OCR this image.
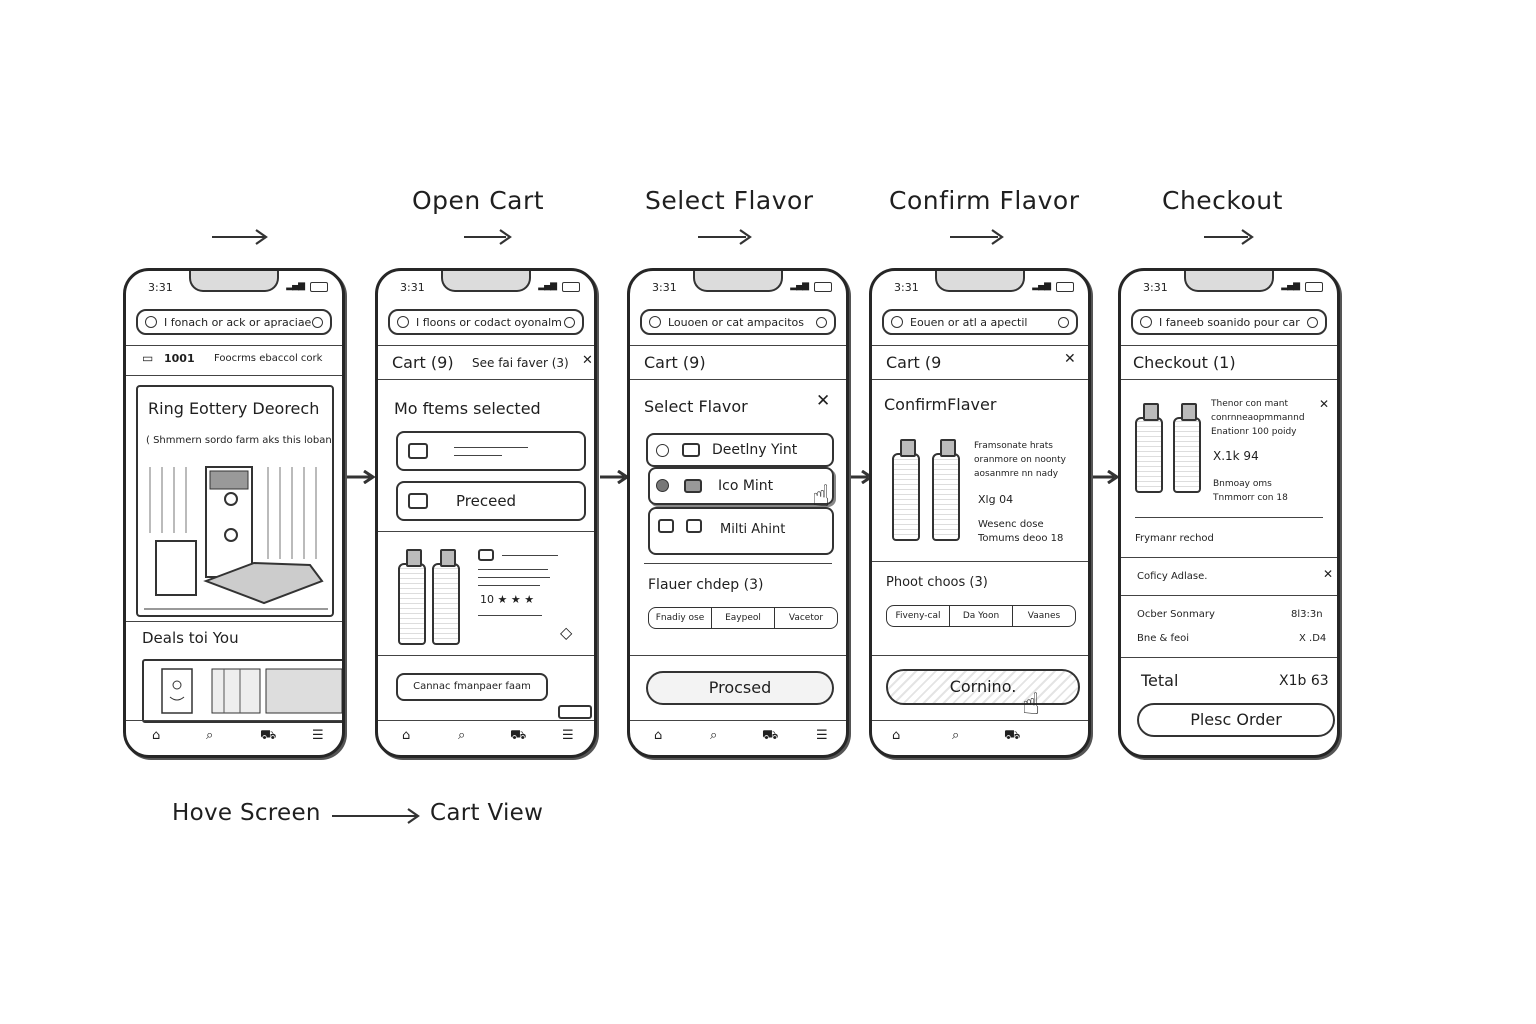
Open Cart	Select Flavor	Confirm Flavor	Checkout
3:31	▂▄▆
I fonach or ack or apraciae
▭ 1001 Foocrms ebaccol cork
Ring Eottery Deorech
( Shmmern sordo farm aks this loban
Deals toi You
⌂	⌕	⛟	☰
3:31	▂▄▆
I floons or codact oyonalm
Cart (9) See fai faver (3) ✕
Mo ftems selected
Preceed
10 ★ ★ ★
◇
Cannac fmanpaer faam
⌂	⌕	⛟	☰
3:31	▂▄▆
Louoen or cat ampacitos
Cart (9)
Select Flavor	✕
Deetlny Yint
Ico Mint
Milti Ahint
☝
Flauer chdep (3)
Fnadiy ose	Eaypeol	Vacetor
Procsed
⌂	⌕	⛟	☰
3:31	▂▄▆
Eouen or atl a apectil
Cart (9	✕
ConfirmFlaver
Framsonate hrats
oranmore on noonty
aosanmre nn nady
Xlg 04
Wesenc dose
Tomums deoo 18
Phoot choos (3)
Fiveny-cal	Da Yoon	Vaanes
Cornino.
☝
⌂	⌕	⛟
3:31	▂▄▆
I faneeb soanido pour car
Checkout (1)
Thenor con mant
conrnneaopmmannd
Enationr 100 poidy
✕
X.1k 94
Bnmoay oms
Tnmmorr con 18
Frymanr rechod
Coficy Adlase.	✕
Ocber Sonmary	8l3:3n
Bne & feoi	X .D4
Tetal	X1b 63
Plesc Order
Hove Screen	Cart View
